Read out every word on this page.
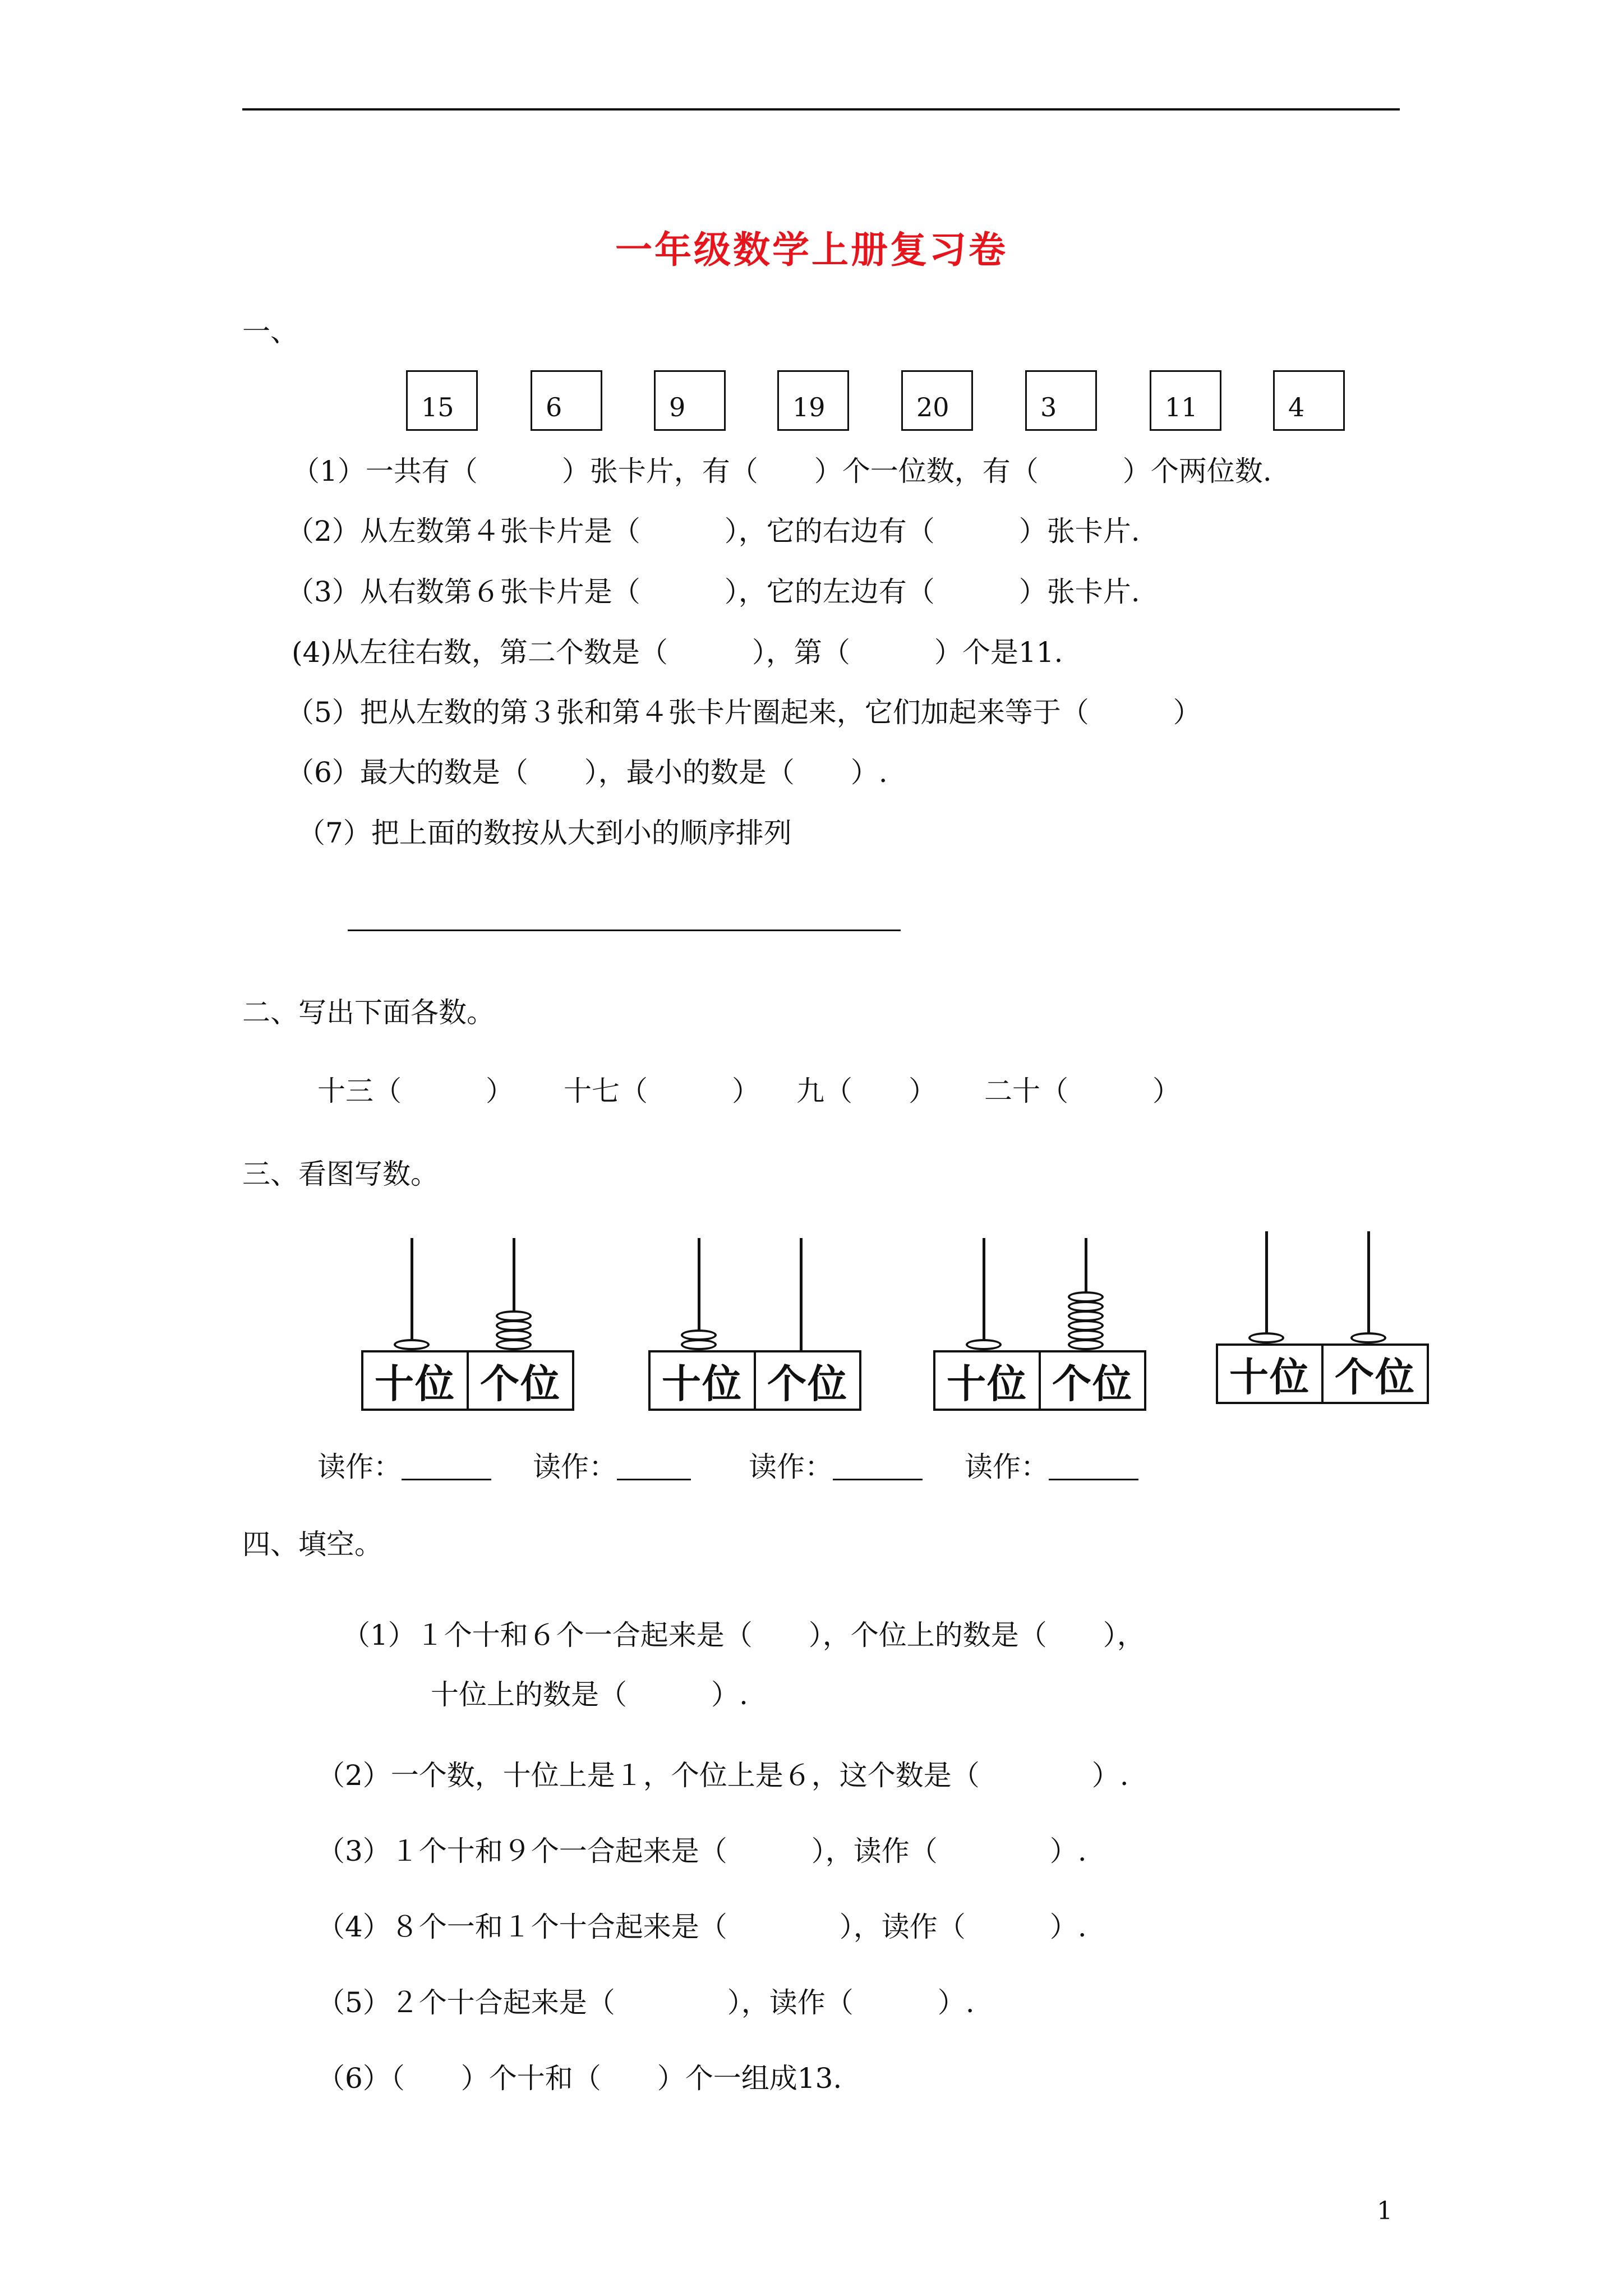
一年级数学上册复习卷
一、
15	6	9	19	20	3	11	4
（1）一共有（　　　）张卡片，有（　　）个一位数，有（　　　）个两位数.
（2）从左数第４张卡片是（　　　），它的右边有（　　　）张卡片.
（3）从右数第６张卡片是（　　　），它的左边有（　　　）张卡片.
(4)从左往右数，第二个数是（　　　），第（　　　）个是11.
（5）把从左数的第３张和第４张卡片圈起来，它们加起来等于（　　　）
（6）最大的数是（　　），最小的数是（　　）.
（7）把上面的数按从大到小的顺序排列
二、写出下面各数。
十三（　　　） 十七（　　　） 九（　　） 二十（　　　）
三、看图写数。
十位 个位	十位 个位	十位 个位 十位 个位
读作：	读作：	读作：	读作：
四、填空。
（1）１个十和６个一合起来是（　　），个位上的数是（　　），
十位上的数是（　　　）.
（2）一个数，十位上是１，个位上是６，这个数是（　　　　）.
（3）１个十和９个一合起来是（　　　），读作（　　　　）.
（4）８个一和１个十合起来是（　　　　），读作（　　　）.
（5）２个十合起来是（　　　　），读作（　　　）.
（6）（　　）个十和（　　）个一组成13.
1
